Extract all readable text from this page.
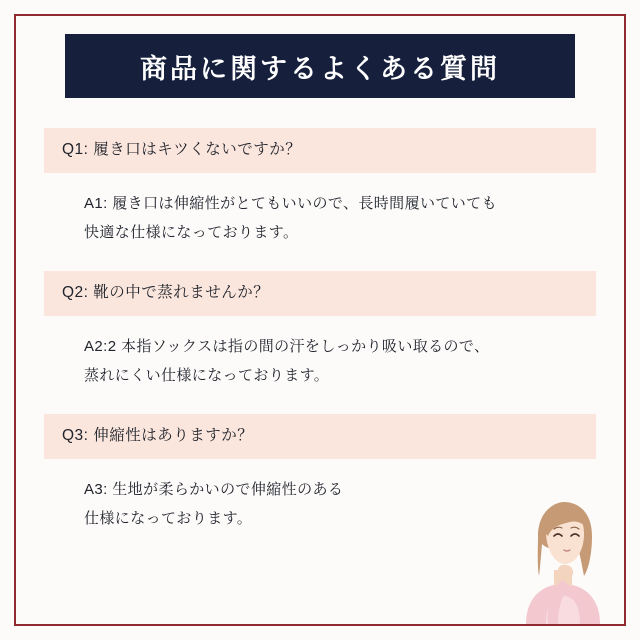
商品に関するよくある質問
Q1: 履き口はキツくないですか？
A1: 履き口は伸縮性がとてもいいので、長時間履いていても
快適な仕様になっております。
Q2: 靴の中で蒸れませんか？
A2:2 本指ソックスは指の間の汗をしっかり吸い取るので、
蒸れにくい仕様になっております。
Q3: 伸縮性はありますか？
A3: 生地が柔らかいので伸縮性のある
仕様になっております。
